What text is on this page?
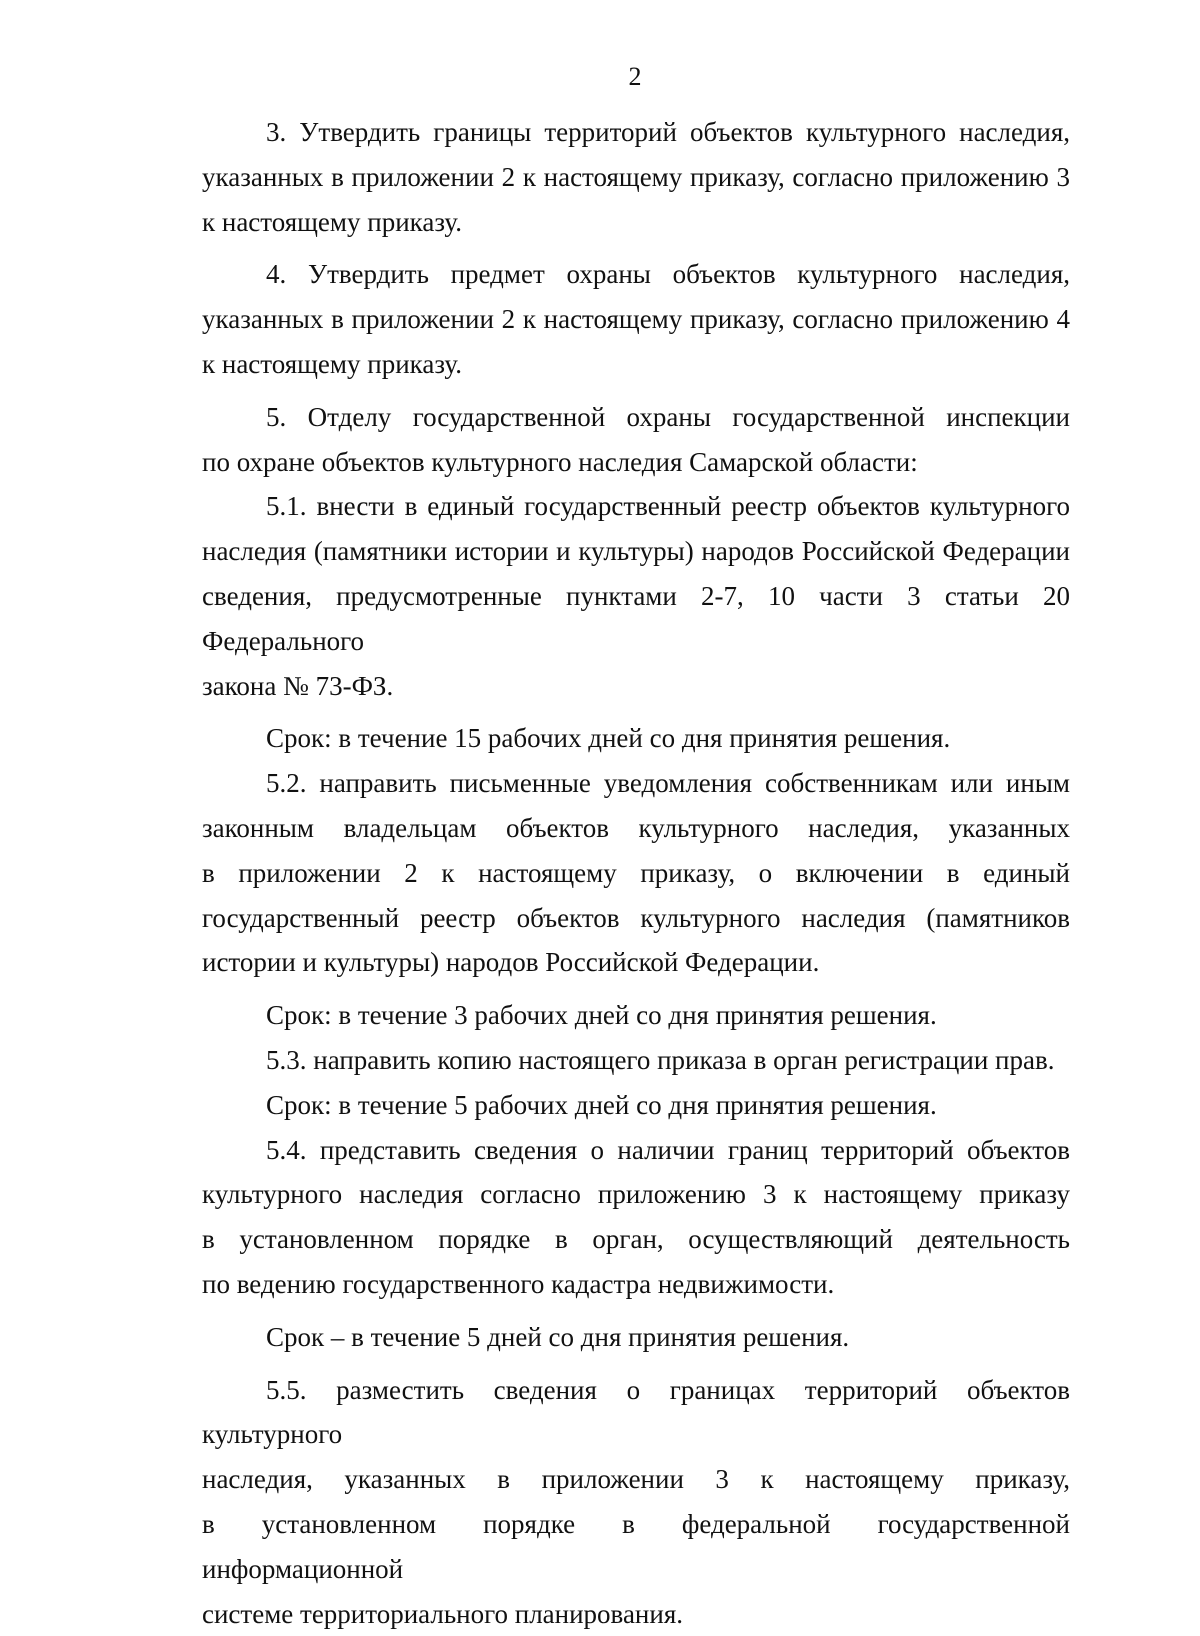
2

3. Утвердить границы территорий объектов культурного наследия,
указанных в приложении 2 к настоящему приказу, согласно приложению 3
к настоящему приказу.

4. Утвердить предмет охраны объектов культурного наследия,
указанных в приложении 2 к настоящему приказу, согласно приложению 4
к настоящему приказу.

5. Отделу государственной охраны государственной инспекции
по охране объектов культурного наследия Самарской области:

5.1. внести в единый государственный реестр объектов культурного
наследия (памятники истории и культуры) народов Российской Федерации
сведения, предусмотренные пунктами 2-7, 10 части 3 статьи 20 Федерального
закона № 73-ФЗ.

Срок: в течение 15 рабочих дней со дня принятия решения.

5.2. направить письменные уведомления собственникам или иным
законным владельцам объектов культурного наследия, указанных
в приложении 2 к настоящему приказу, о включении в единый
государственный реестр объектов культурного наследия (памятников
истории и культуры) народов Российской Федерации.

Срок: в течение 3 рабочих дней со дня принятия решения.

5.3. направить копию настоящего приказа в орган регистрации прав.

Срок: в течение 5 рабочих дней со дня принятия решения.

5.4. представить сведения о наличии границ территорий объектов
культурного наследия согласно приложению 3 к настоящему приказу
в установленном порядке в орган, осуществляющий деятельность
по ведению государственного кадастра недвижимости.

Срок – в течение 5 дней со дня принятия решения.

5.5. разместить сведения о границах территорий объектов культурного
наследия, указанных в приложении 3 к настоящему приказу,
в установленном порядке в федеральной государственной информационной
системе территориального планирования.
